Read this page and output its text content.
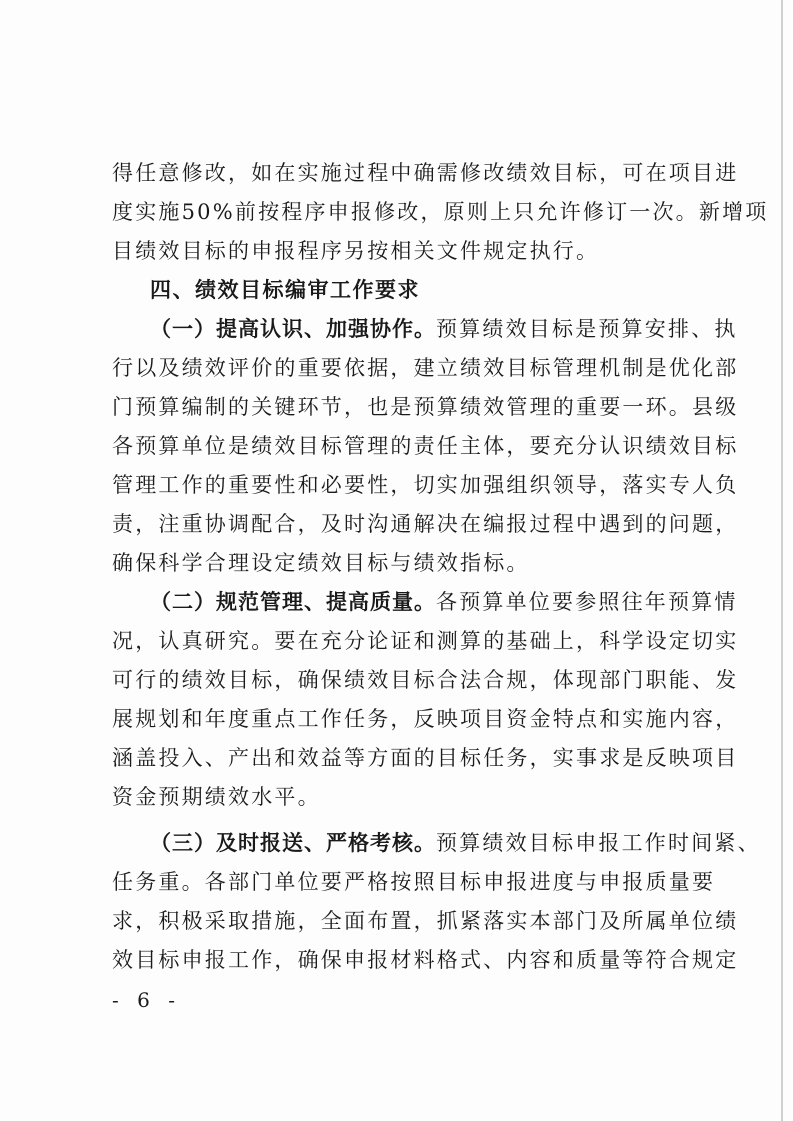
得任意修改，如在实施过程中确需修改绩效目标，可在项目进
度实施50%前按程序申报修改，原则上只允许修订一次。新增项
目绩效目标的申报程序另按相关文件规定执行。
四、绩效目标编审工作要求
（一）提高认识、加强协作。预算绩效目标是预算安排、执
行以及绩效评价的重要依据，建立绩效目标管理机制是优化部
门预算编制的关键环节，也是预算绩效管理的重要一环。县级
各预算单位是绩效目标管理的责任主体，要充分认识绩效目标
管理工作的重要性和必要性，切实加强组织领导，落实专人负
责，注重协调配合，及时沟通解决在编报过程中遇到的问题，
确保科学合理设定绩效目标与绩效指标。
（二）规范管理、提高质量。各预算单位要参照往年预算情
况，认真研究。要在充分论证和测算的基础上，科学设定切实
可行的绩效目标，确保绩效目标合法合规，体现部门职能、发
展规划和年度重点工作任务，反映项目资金特点和实施内容，
涵盖投入、产出和效益等方面的目标任务，实事求是反映项目
资金预期绩效水平。
（三）及时报送、严格考核。预算绩效目标申报工作时间紧、
任务重。各部门单位要严格按照目标申报进度与申报质量要
求，积极采取措施，全面布置，抓紧落实本部门及所属单位绩
效目标申报工作，确保申报材料格式、内容和质量等符合规定
- 6 -
